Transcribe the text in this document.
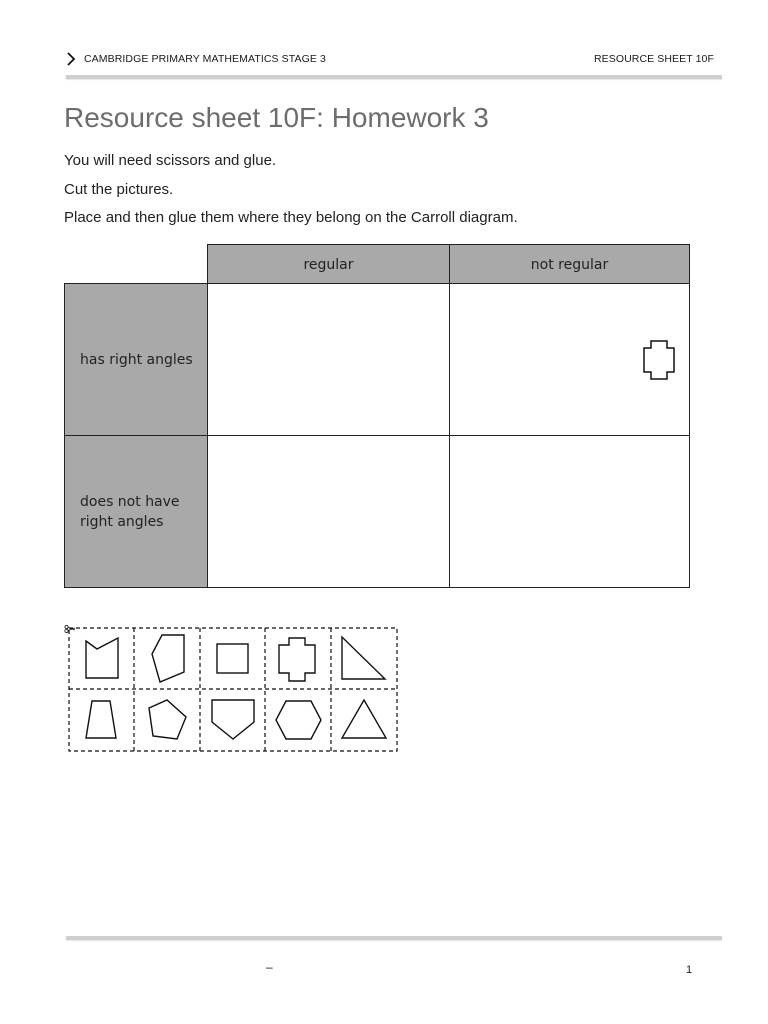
CAMBRIDGE PRIMARY MATHEMATICS STAGE 3	RESOURCE SHEET 10F
Resource sheet 10F: Homework 3
You will need scissors and glue.
Cut the pictures.
Place and then glue them where they belong on the Carroll diagram.
regular	not regular
has right angles
does not have
right angles
–	1
